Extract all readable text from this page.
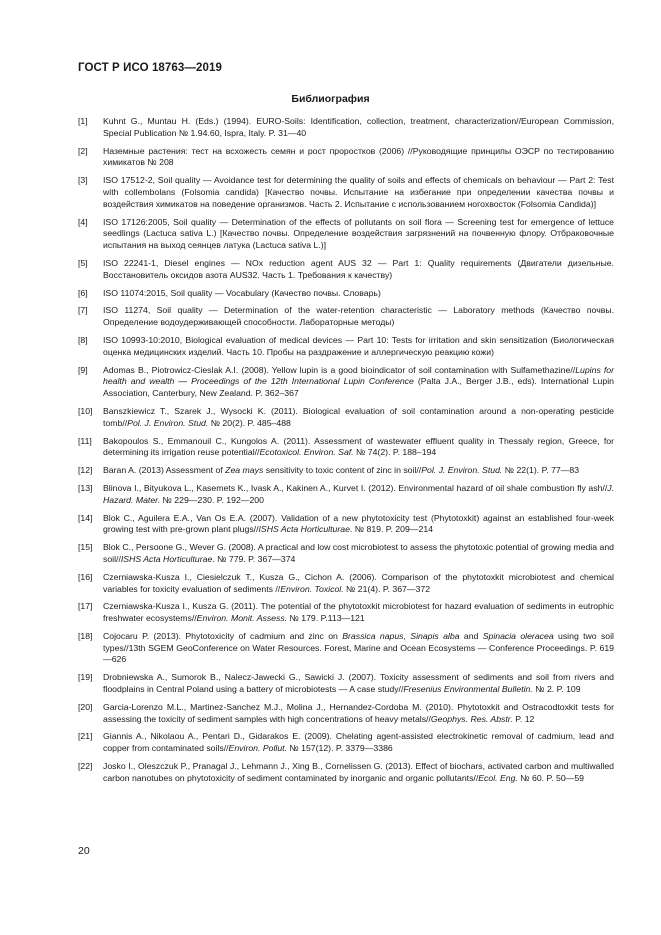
ГОСТ Р ИСО 18763—2019
Библиография
[1]	Kuhnt G., Muntau H. (Eds.) (1994). EURO-Soils: Identification, collection, treatment, characterization//European Commission, Special Publication № 1.94.60, Ispra, Italy. P. 31—40
[2]	Наземные растения: тест на всхожесть семян и рост проростков (2006) //Руководящие принципы ОЭСР по тестированию химикатов № 208
[3]	ISO 17512-2, Soil quality — Avoidance test for determining the quality of soils and effects of chemicals on behaviour — Part 2: Test with collembolans (Folsomia candida) [Качество почвы. Испытание на избегание при определении качества почвы и воздействия химикатов на поведение организмов. Часть 2. Испытание с использованием ногохвосток (Folsomia Candida)]
[4]	ISO 17126:2005, Soil quality — Determination of the effects of pollutants on soil flora — Screening test for emergence of lettuce seedlings (Lactuca sativa L.) [Качество почвы. Определение воздействия загрязнений на почвенную флору. Отбраковочные испытания на выход сеянцев латука (Lactuca sativa L.)]
[5]	ISO 22241-1, Diesel engines — NOx reduction agent AUS 32 — Part 1: Quality requirements (Двигатели дизельные. Восстановитель оксидов азота AUS32. Часть 1. Требования к качеству)
[6]	ISO 11074:2015, Soil quality — Vocabulary (Качество почвы. Словарь)
[7]	ISO 11274, Soil quality — Determination of the water-retention characteristic — Laboratory methods (Качество почвы. Определение водоудерживающей способности. Лабораторные методы)
[8]	ISO 10993-10:2010, Biological evaluation of medical devices — Part 10: Tests for irritation and skin sensitization (Биологическая оценка медицинских изделий. Часть 10. Пробы на раздражение и аллергическую реакцию кожи)
[9]	Adomas B., Piotrowicz-Cieslak A.I. (2008). Yellow lupin is a good bioindicator of soil contamination with Sulfamethazine//Lupins for health and wealth — Proceedings of the 12th International Lupin Conference (Palta J.A., Berger J.B., eds). International Lupin Association, Canterbury, New Zealand. P. 362–367
[10]	Banszkiewicz T., Szarek J., Wysocki K. (2011). Biological evaluation of soil contamination around a non-operating pesticide tomb//Pol. J. Environ. Stud. № 20(2). P. 485–488
[11]	Bakopoulos S., Emmanouil C., Kungolos A. (2011). Assessment of wastewater effluent quality in Thessaly region, Greece, for determining its irrigation reuse potential//Ecotoxicol. Environ. Saf. № 74(2). P. 188–194
[12]	Baran A. (2013) Assessment of Zea mays sensitivity to toxic content of zinc in soil//Pol. J. Environ. Stud. № 22(1). P. 77—83
[13]	Blinova I., Bityukova L., Kasemets K., Ivask A., Kakinen A., Kurvet I. (2012). Environmental hazard of oil shale combustion fly ash//J. Hazard. Mater. № 229—230. P. 192—200
[14]	Blok C., Aguilera E.A., Van Os E.A. (2007). Validation of a new phytotoxicity test (Phytotoxkit) against an established four-week growing test with pre-grown plant plugs//ISHS Acta Horticulturae. № 819. P. 209—214
[15]	Blok C., Persoone G., Wever G. (2008). A practical and low cost microbiotest to assess the phytotoxic potential of growing media and soil//ISHS Acta Horticulturae. № 779. P. 367—374
[16]	Czerniawska-Kusza I., Ciesielczuk T., Kusza G., Cichon A. (2006). Comparison of the phytotoxkit microbiotest and chemical variables for toxicity evaluation of sediments //Environ. Toxicol. № 21(4). P. 367—372
[17]	Czerniawska-Kusza I., Kusza G. (2011). The potential of the phytotoxkit microbiotest for hazard evaluation of sediments in eutrophic freshwater ecosystems//Environ. Monit. Assess. № 179. P.113—121
[18]	Cojocaru P. (2013). Phytotoxicity of cadmium and zinc on Brassica napus, Sinapis alba and Spinacia oleracea using two soil types//13th SGEM GeoConference on Water Resources. Forest, Marine and Ocean Ecosystems — Conference Proceedings. P. 619—626
[19]	Drobniewska A., Sumorok B., Nalecz-Jawecki G., Sawicki J. (2007). Toxicity assessment of sediments and soil from rivers and floodplains in Central Poland using a battery of microbiotests — A case study//Fresenius Environmental Bulletin. № 2. P. 109
[20]	Garcia-Lorenzo M.L., Martinez-Sanchez M.J., Molina J., Hernandez-Cordoba M. (2010). Phytotoxkit and Ostracodtoxkit tests for assessing the toxicity of sediment samples with high concentrations of heavy metals//Geophys. Res. Abstr. P. 12
[21]	Giannis A., Nikolaou A., Pentari D., Gidarakos E. (2009). Chelating agent-assisted electrokinetic removal of cadmium, lead and copper from contaminated soils//Environ. Pollut. № 157(12). P. 3379—3386
[22]	Josko I., Oleszczuk P., Pranagal J., Lehmann J., Xing B., Cornelissen G. (2013). Effect of biochars, activated carbon and multiwalled carbon nanotubes on phytotoxicity of sediment contaminated by inorganic and organic pollutants//Ecol. Eng. № 60. P. 50—59
20
